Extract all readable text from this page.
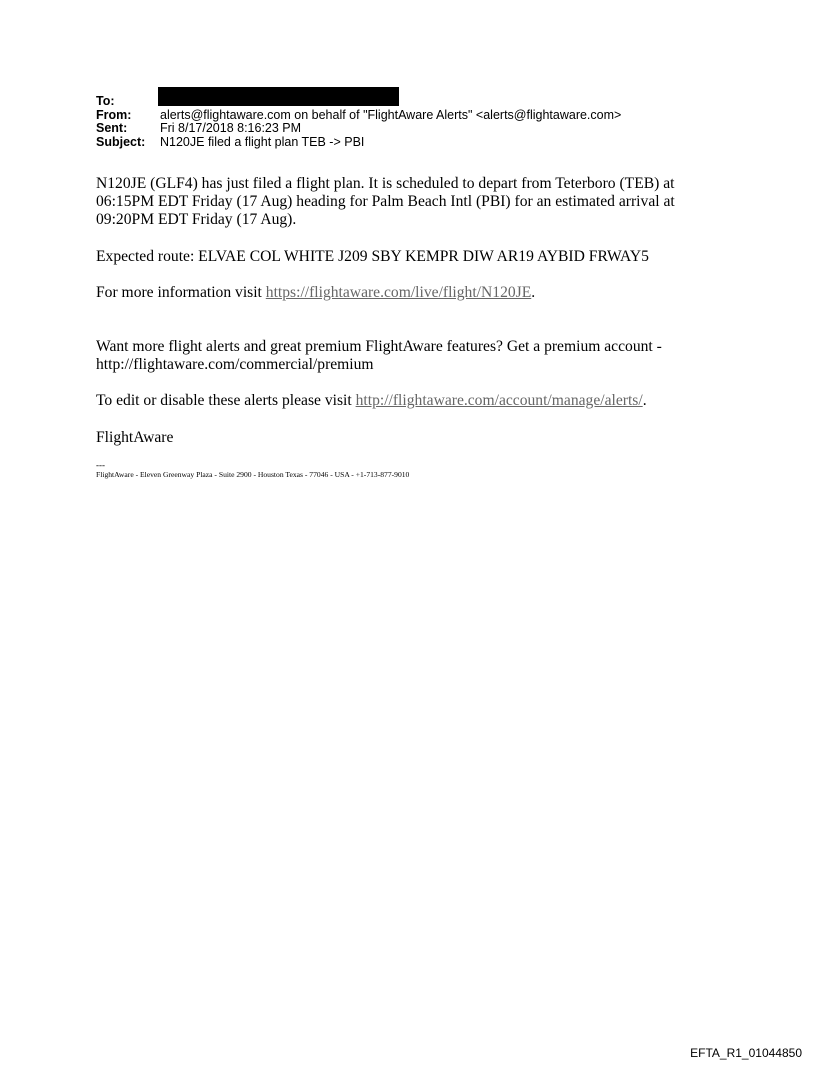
To:
From:	alerts@flightaware.com on behalf of "FlightAware Alerts" <alerts@flightaware.com>
Sent:	Fri 8/17/2018 8:16:23 PM
Subject:	N120JE filed a flight plan TEB -> PBI

N120JE (GLF4) has just filed a flight plan. It is scheduled to depart from Teterboro (TEB) at 06:15PM EDT Friday (17 Aug) heading for Palm Beach Intl (PBI) for an estimated arrival at 09:20PM EDT Friday (17 Aug).

Expected route: ELVAE COL WHITE J209 SBY KEMPR DIW AR19 AYBID FRWAY5

For more information visit https://flightaware.com/live/flight/N120JE.

Want more flight alerts and great premium FlightAware features? Get a premium account - http://flightaware.com/commercial/premium

To edit or disable these alerts please visit http://flightaware.com/account/manage/alerts/.

FlightAware

---

FlightAware - Eleven Greenway Plaza - Suite 2900 - Houston Texas - 77046 - USA - +1-713-877-9010

EFTA_R1_01044850
